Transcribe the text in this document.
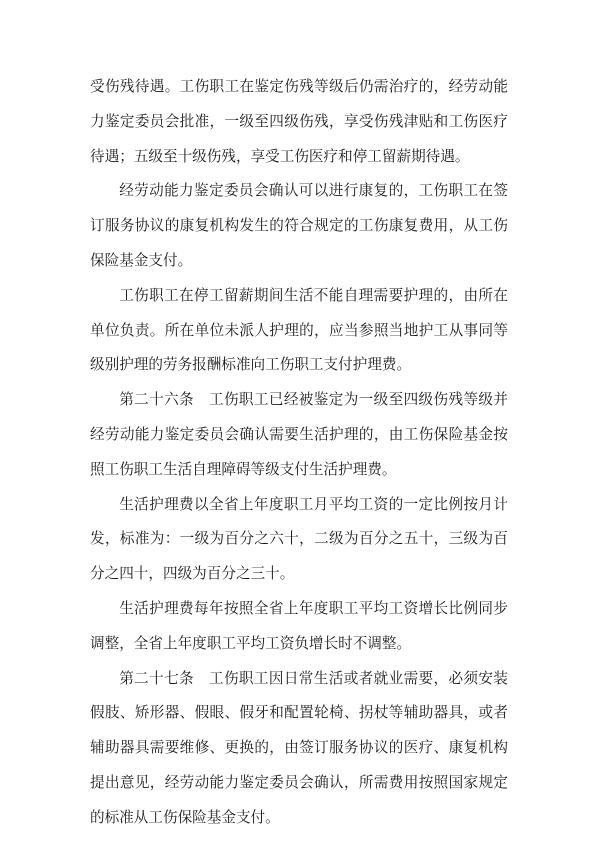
受伤残待遇。工伤职工在鉴定伤残等级后仍需治疗的，经劳动能力鉴定委员会批准，一级至四级伤残，享受伤残津贴和工伤医疗待遇；五级至十级伤残，享受工伤医疗和停工留薪期待遇。

经劳动能力鉴定委员会确认可以进行康复的，工伤职工在签订服务协议的康复机构发生的符合规定的工伤康复费用，从工伤保险基金支付。

工伤职工在停工留薪期间生活不能自理需要护理的，由所在单位负责。所在单位未派人护理的，应当参照当地护工从事同等级别护理的劳务报酬标准向工伤职工支付护理费。

第二十六条　工伤职工已经被鉴定为一级至四级伤残等级并经劳动能力鉴定委员会确认需要生活护理的，由工伤保险基金按照工伤职工生活自理障碍等级支付生活护理费。

生活护理费以全省上年度职工月平均工资的一定比例按月计发，标准为：一级为百分之六十，二级为百分之五十，三级为百分之四十，四级为百分之三十。

生活护理费每年按照全省上年度职工平均工资增长比例同步调整，全省上年度职工平均工资负增长时不调整。

第二十七条　工伤职工因日常生活或者就业需要，必须安装假肢、矫形器、假眼、假牙和配置轮椅、拐杖等辅助器具，或者辅助器具需要维修、更换的，由签订服务协议的医疗、康复机构提出意见，经劳动能力鉴定委员会确认，所需费用按照国家规定的标准从工伤保险基金支付。
